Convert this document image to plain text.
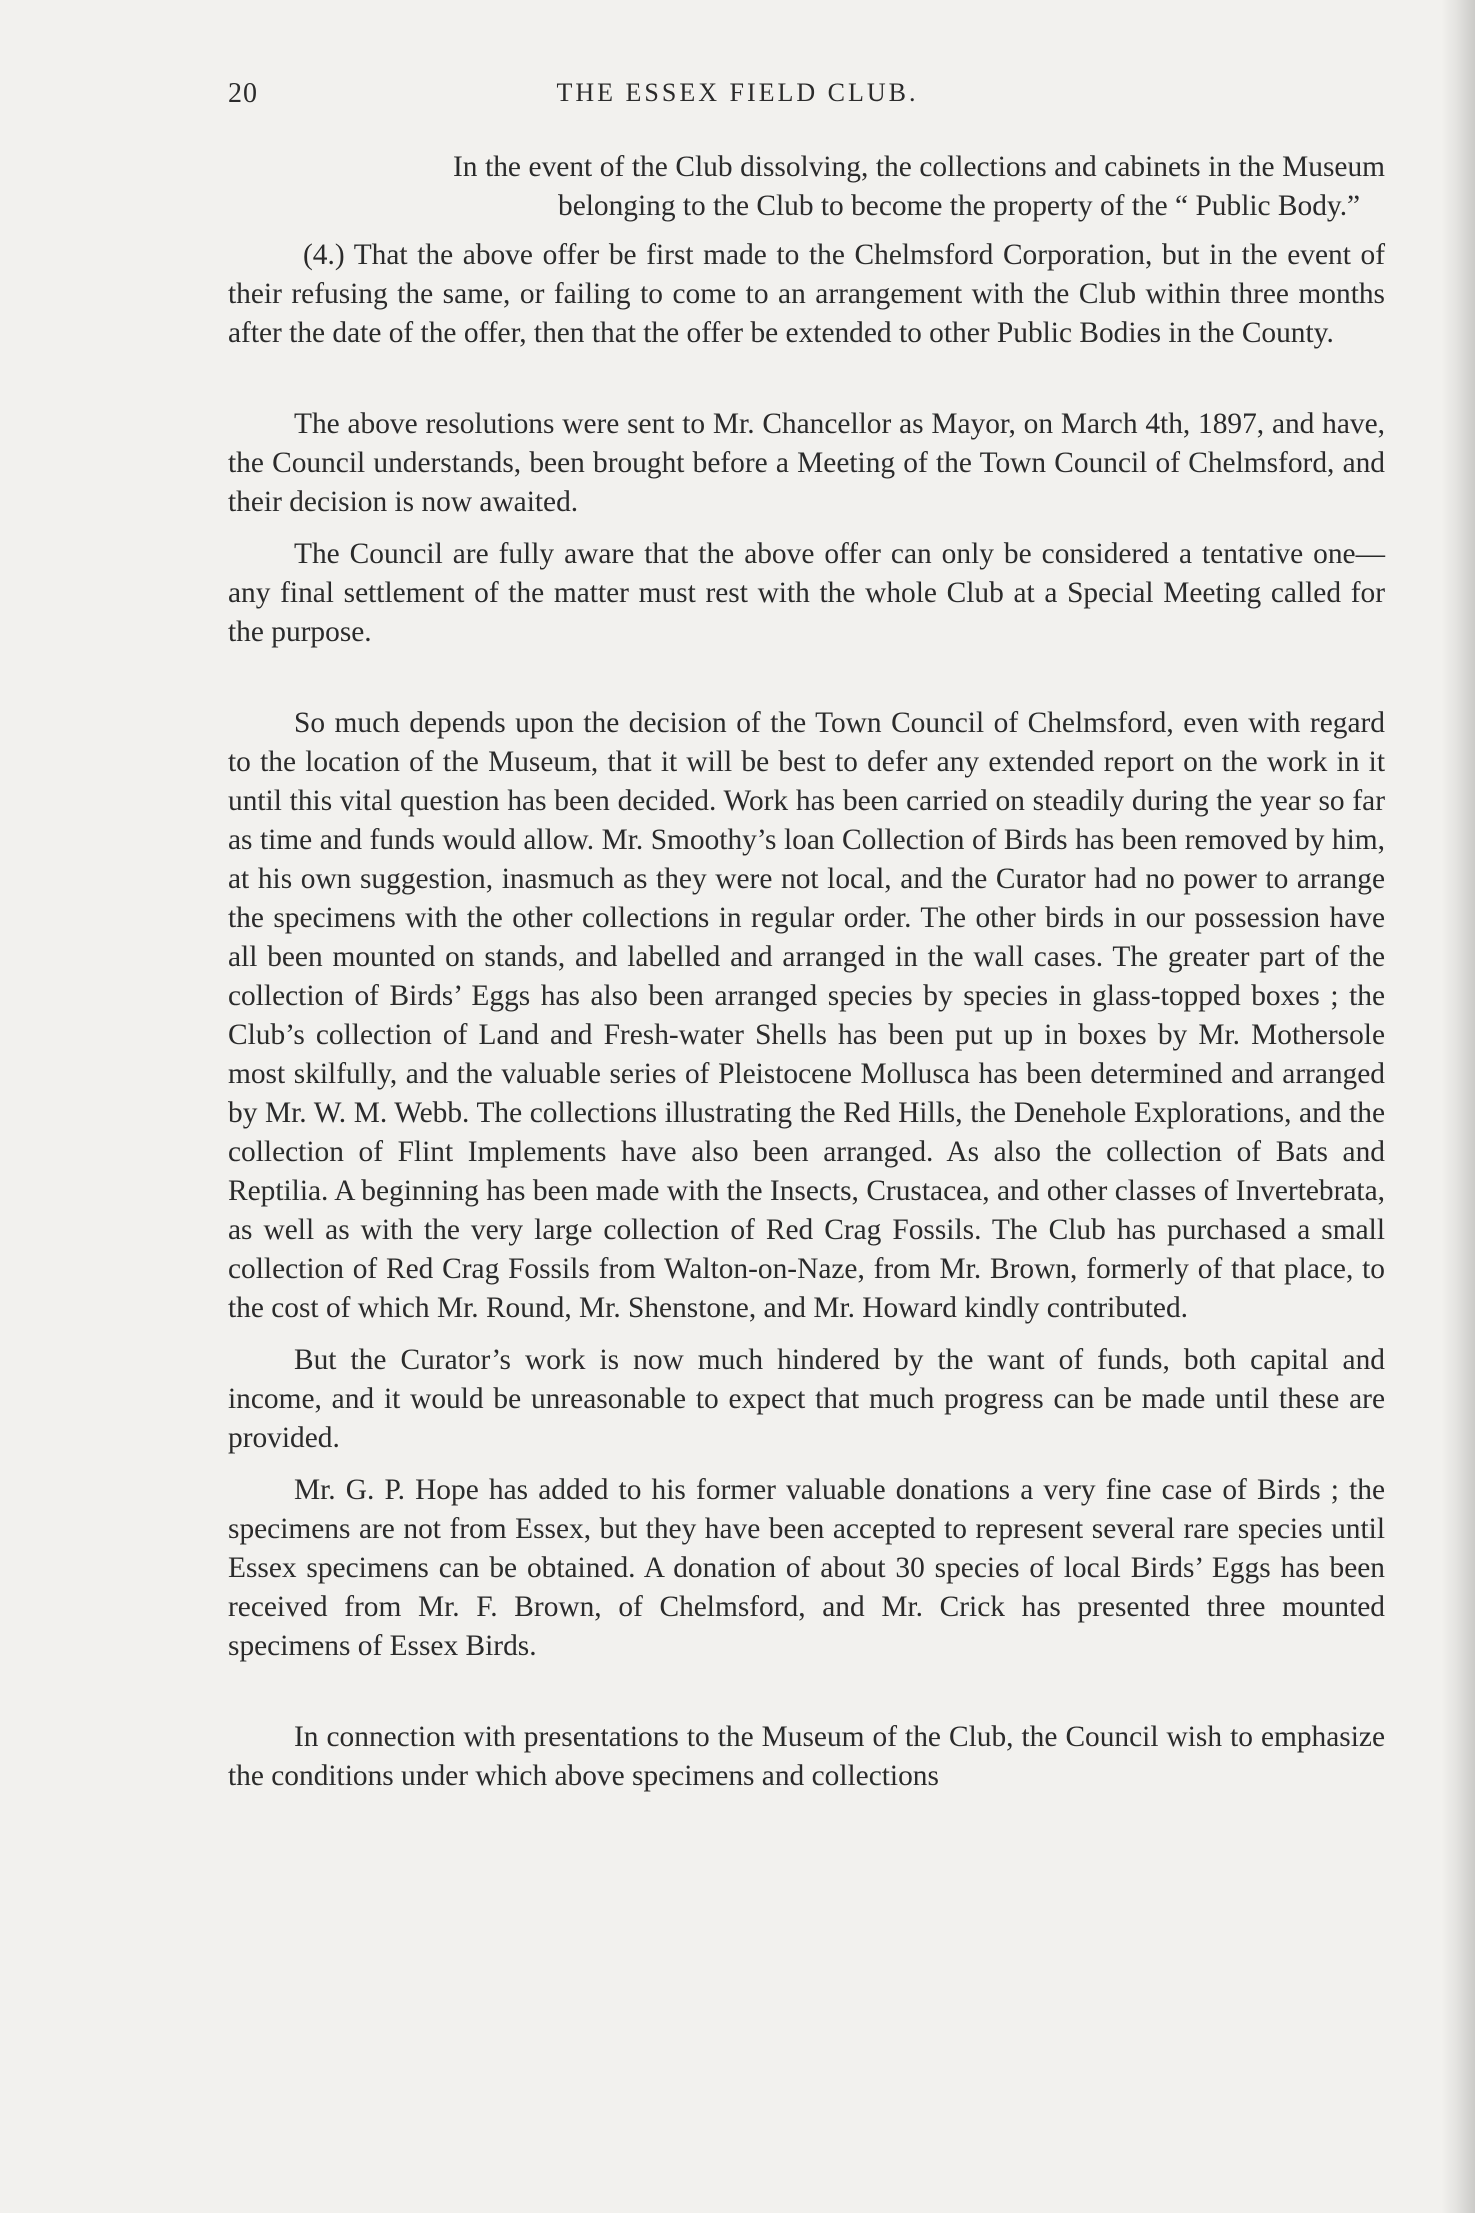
20	THE ESSEX FIELD CLUB.

In the event of the Club dissolving, the collections and cabinets in the Museum belonging to the Club to become the property of the “ Public Body.”

(4.) That the above offer be first made to the Chelmsford Corporation, but in the event of their refusing the same, or failing to come to an arrangement with the Club within three months after the date of the offer, then that the offer be extended to other Public Bodies in the County.

The above resolutions were sent to Mr. Chancellor as Mayor, on March 4th, 1897, and have, the Council understands, been brought before a Meeting of the Town Council of Chelmsford, and their decision is now awaited.

The Council are fully aware that the above offer can only be considered a tentative one—any final settlement of the matter must rest with the whole Club at a Special Meeting called for the purpose.

So much depends upon the decision of the Town Council of Chelmsford, even with regard to the location of the Museum, that it will be best to defer any extended report on the work in it until this vital question has been decided. Work has been carried on steadily during the year so far as time and funds would allow. Mr. Smoothy’s loan Collection of Birds has been removed by him, at his own suggestion, inasmuch as they were not local, and the Curator had no power to arrange the specimens with the other collections in regular order. The other birds in our possession have all been mounted on stands, and labelled and arranged in the wall cases. The greater part of the collection of Birds’ Eggs has also been arranged species by species in glass-topped boxes ; the Club’s collection of Land and Fresh-water Shells has been put up in boxes by Mr. Mothersole most skilfully, and the valuable series of Pleistocene Mollusca has been determined and arranged by Mr. W. M. Webb. The collections illustrating the Red Hills, the Denehole Explorations, and the collection of Flint Implements have also been arranged. As also the collection of Bats and Reptilia. A beginning has been made with the Insects, Crustacea, and other classes of Invertebrata, as well as with the very large collection of Red Crag Fossils. The Club has purchased a small collection of Red Crag Fossils from Walton-on-Naze, from Mr. Brown, formerly of that place, to the cost of which Mr. Round, Mr. Shenstone, and Mr. Howard kindly contributed.

But the Curator’s work is now much hindered by the want of funds, both capital and income, and it would be unreasonable to expect that much progress can be made until these are provided.

Mr. G. P. Hope has added to his former valuable donations a very fine case of Birds ; the specimens are not from Essex, but they have been accepted to represent several rare species until Essex specimens can be obtained. A donation of about 30 species of local Birds’ Eggs has been received from Mr. F. Brown, of Chelmsford, and Mr. Crick has presented three mounted specimens of Essex Birds.

In connection with presentations to the Museum of the Club, the Council wish to emphasize the conditions under which above specimens and collections
